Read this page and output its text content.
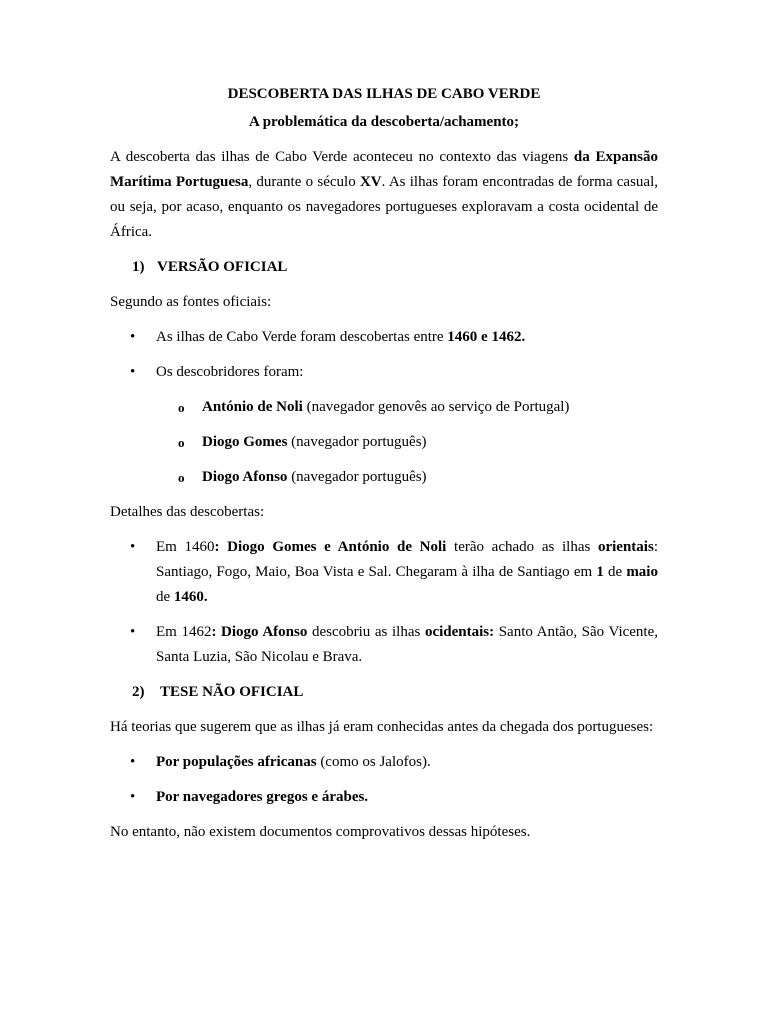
DESCOBERTA DAS ILHAS DE CABO VERDE

A problemática da descoberta/achamento;

A descoberta das ilhas de Cabo Verde aconteceu no contexto das viagens da Expansão Marítima Portuguesa, durante o século XV. As ilhas foram encontradas de forma casual, ou seja, por acaso, enquanto os navegadores portugueses exploravam a costa ocidental de África.

1) VERSÃO OFICIAL

Segundo as fontes oficiais:

• As ilhas de Cabo Verde foram descobertas entre 1460 e 1462.
• Os descobridores foram:
o António de Noli (navegador genovês ao serviço de Portugal)
o Diogo Gomes (navegador português)
o Diogo Afonso (navegador português)

Detalhes das descobertas:

• Em 1460: Diogo Gomes e António de Noli terão achado as ilhas orientais: Santiago, Fogo, Maio, Boa Vista e Sal. Chegaram à ilha de Santiago em 1 de maio de 1460.
• Em 1462: Diogo Afonso descobriu as ilhas ocidentais: Santo Antão, São Vicente, Santa Luzia, São Nicolau e Brava.
2) TESE NÃO OFICIAL

Há teorias que sugerem que as ilhas já eram conhecidas antes da chegada dos portugueses:

• Por populações africanas (como os Jalofos).
• Por navegadores gregos e árabes.

No entanto, não existem documentos comprovativos dessas hipóteses.
